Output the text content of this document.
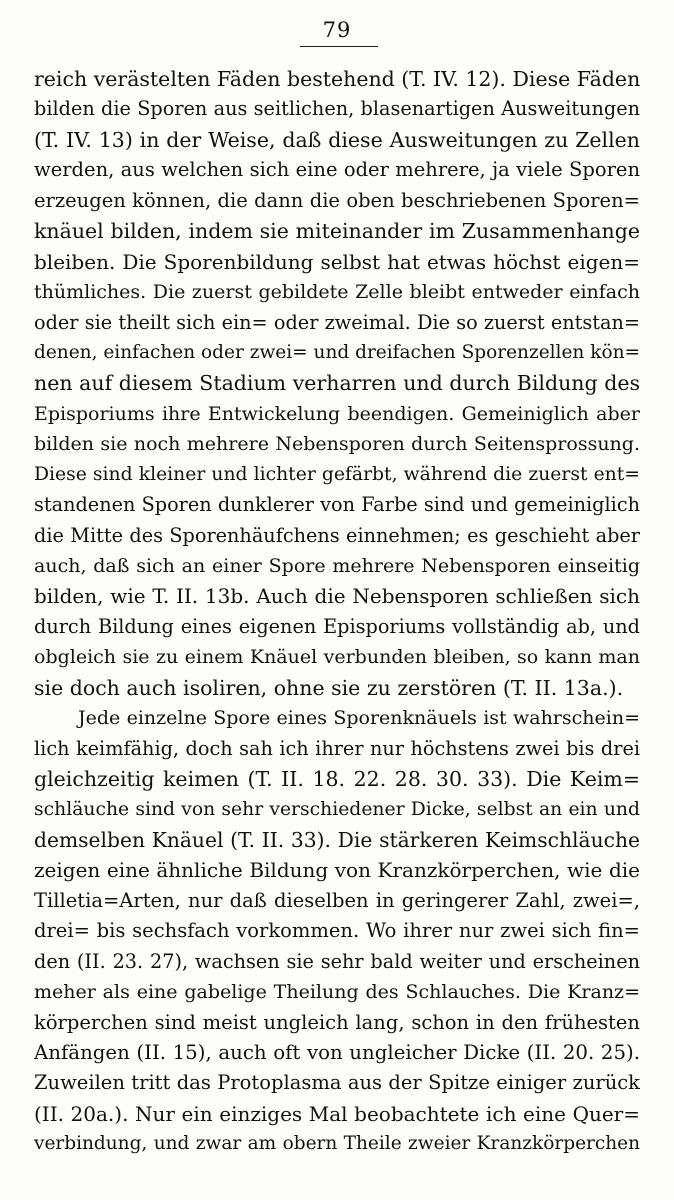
79
reich verästelten Fäden bestehend (T. IV. 12). Diese Fäden
bilden die Sporen aus seitlichen, blasenartigen Ausweitungen
(T. IV. 13) in der Weise, daß diese Ausweitungen zu Zellen
werden, aus welchen sich eine oder mehrere, ja viele Sporen
erzeugen können, die dann die oben beschriebenen Sporen=
knäuel bilden, indem sie miteinander im Zusammenhange
bleiben. Die Sporenbildung selbst hat etwas höchst eigen=
thümliches. Die zuerst gebildete Zelle bleibt entweder einfach
oder sie theilt sich ein= oder zweimal. Die so zuerst entstan=
denen, einfachen oder zwei= und dreifachen Sporenzellen kön=
nen auf diesem Stadium verharren und durch Bildung des
Episporiums ihre Entwickelung beendigen. Gemeiniglich aber
bilden sie noch mehrere Nebensporen durch Seitensprossung.
Diese sind kleiner und lichter gefärbt, während die zuerst ent=
standenen Sporen dunklerer von Farbe sind und gemeiniglich
die Mitte des Sporenhäufchens einnehmen; es geschieht aber
auch, daß sich an einer Spore mehrere Nebensporen einseitig
bilden, wie T. II. 13b. Auch die Nebensporen schließen sich
durch Bildung eines eigenen Episporiums vollständig ab, und
obgleich sie zu einem Knäuel verbunden bleiben, so kann man
sie doch auch isoliren, ohne sie zu zerstören (T. II. 13a.).
Jede einzelne Spore eines Sporenknäuels ist wahrschein=
lich keimfähig, doch sah ich ihrer nur höchstens zwei bis drei
gleichzeitig keimen (T. II. 18. 22. 28. 30. 33). Die Keim=
schläuche sind von sehr verschiedener Dicke, selbst an ein und
demselben Knäuel (T. II. 33). Die stärkeren Keimschläuche
zeigen eine ähnliche Bildung von Kranzkörperchen, wie die
Tilletia=Arten, nur daß dieselben in geringerer Zahl, zwei=,
drei= bis sechsfach vorkommen. Wo ihrer nur zwei sich fin=
den (II. 23. 27), wachsen sie sehr bald weiter und erscheinen
meher als eine gabelige Theilung des Schlauches. Die Kranz=
körperchen sind meist ungleich lang, schon in den frühesten
Anfängen (II. 15), auch oft von ungleicher Dicke (II. 20. 25).
Zuweilen tritt das Protoplasma aus der Spitze einiger zurück
(II. 20a.). Nur ein einziges Mal beobachtete ich eine Quer=
verbindung, und zwar am obern Theile zweier Kranzkörperchen
